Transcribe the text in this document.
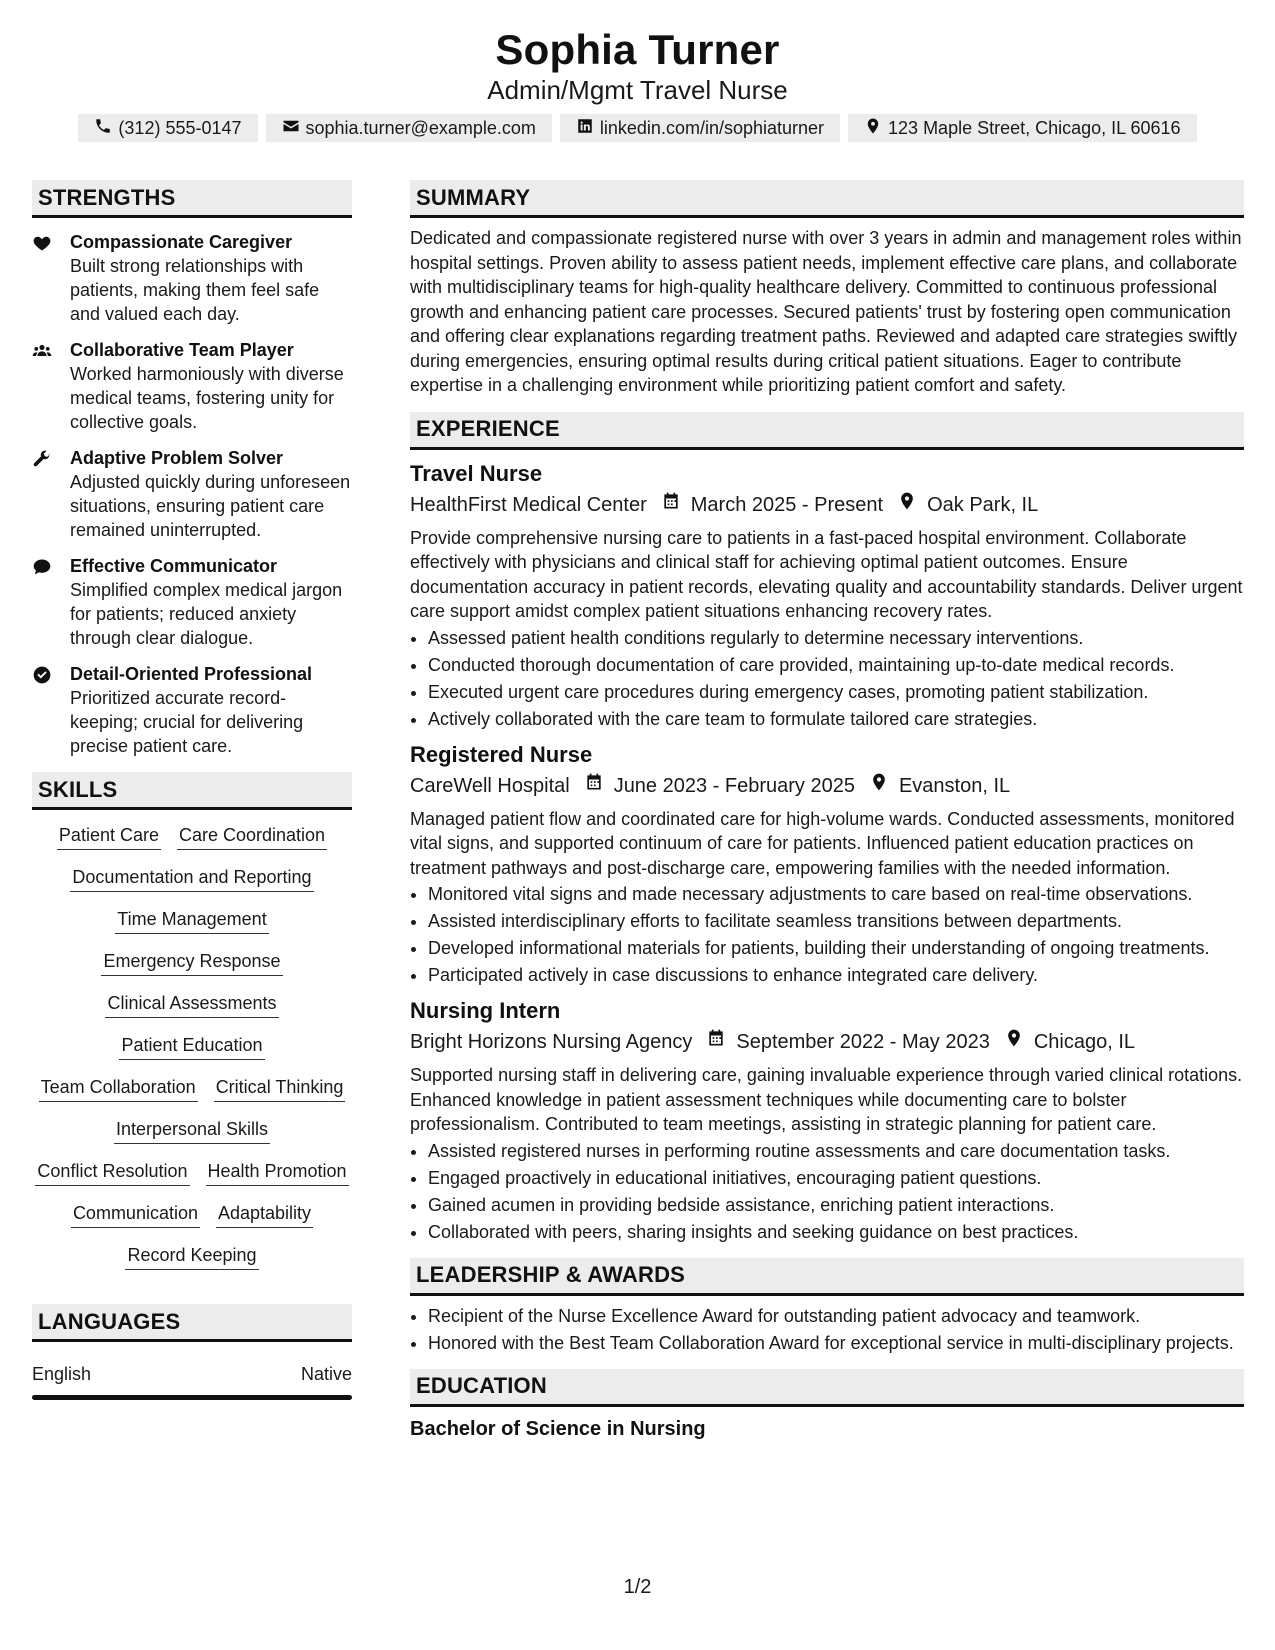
Sophia Turner
Admin/Mgmt Travel Nurse
(312) 555-0147	sophia.turner@example.com	linkedin.com/in/sophiaturner	123 Maple Street, Chicago, IL 60616
STRENGTHS
Compassionate Caregiver
Built strong relationships with patients, making them feel safe and valued each day.
Collaborative Team Player
Worked harmoniously with diverse medical teams, fostering unity for collective goals.
Adaptive Problem Solver
Adjusted quickly during unforeseen situations, ensuring patient care remained uninterrupted.
Effective Communicator
Simplified complex medical jargon for patients; reduced anxiety through clear dialogue.
Detail-Oriented Professional
Prioritized accurate record-keeping; crucial for delivering precise patient care.
SKILLS
Patient Care Care Coordination
Documentation and Reporting
Time Management
Emergency Response
Clinical Assessments
Patient Education
Team Collaboration Critical Thinking
Interpersonal Skills
Conflict Resolution Health Promotion
Communication Adaptability
Record Keeping
LANGUAGES
English	Native
SUMMARY
Dedicated and compassionate registered nurse with over 3 years in admin and management roles within hospital settings. Proven ability to assess patient needs, implement effective care plans, and collaborate with multidisciplinary teams for high-quality healthcare delivery. Committed to continuous professional growth and enhancing patient care processes. Secured patients' trust by fostering open communication and offering clear explanations regarding treatment paths. Reviewed and adapted care strategies swiftly during emergencies, ensuring optimal results during critical patient situations. Eager to contribute expertise in a challenging environment while prioritizing patient comfort and safety.
EXPERIENCE
Travel Nurse
HealthFirst Medical Center March 2025 - Present Oak Park, IL
Provide comprehensive nursing care to patients in a fast-paced hospital environment. Collaborate effectively with physicians and clinical staff for achieving optimal patient outcomes. Ensure documentation accuracy in patient records, elevating quality and accountability standards. Deliver urgent care support amidst complex patient situations enhancing recovery rates.
• Assessed patient health conditions regularly to determine necessary interventions.
• Conducted thorough documentation of care provided, maintaining up-to-date medical records.
• Executed urgent care procedures during emergency cases, promoting patient stabilization.
• Actively collaborated with the care team to formulate tailored care strategies.
Registered Nurse
CareWell Hospital June 2023 - February 2025 Evanston, IL
Managed patient flow and coordinated care for high-volume wards. Conducted assessments, monitored vital signs, and supported continuum of care for patients. Influenced patient education practices on treatment pathways and post-discharge care, empowering families with the needed information.
• Monitored vital signs and made necessary adjustments to care based on real-time observations.
• Assisted interdisciplinary efforts to facilitate seamless transitions between departments.
• Developed informational materials for patients, building their understanding of ongoing treatments.
• Participated actively in case discussions to enhance integrated care delivery.
Nursing Intern
Bright Horizons Nursing Agency September 2022 - May 2023 Chicago, IL
Supported nursing staff in delivering care, gaining invaluable experience through varied clinical rotations. Enhanced knowledge in patient assessment techniques while documenting care to bolster professionalism. Contributed to team meetings, assisting in strategic planning for patient care.
• Assisted registered nurses in performing routine assessments and care documentation tasks.
• Engaged proactively in educational initiatives, encouraging patient questions.
• Gained acumen in providing bedside assistance, enriching patient interactions.
• Collaborated with peers, sharing insights and seeking guidance on best practices.
LEADERSHIP & AWARDS
• Recipient of the Nurse Excellence Award for outstanding patient advocacy and teamwork.
• Honored with the Best Team Collaboration Award for exceptional service in multi-disciplinary projects.
EDUCATION
Bachelor of Science in Nursing
1/2
